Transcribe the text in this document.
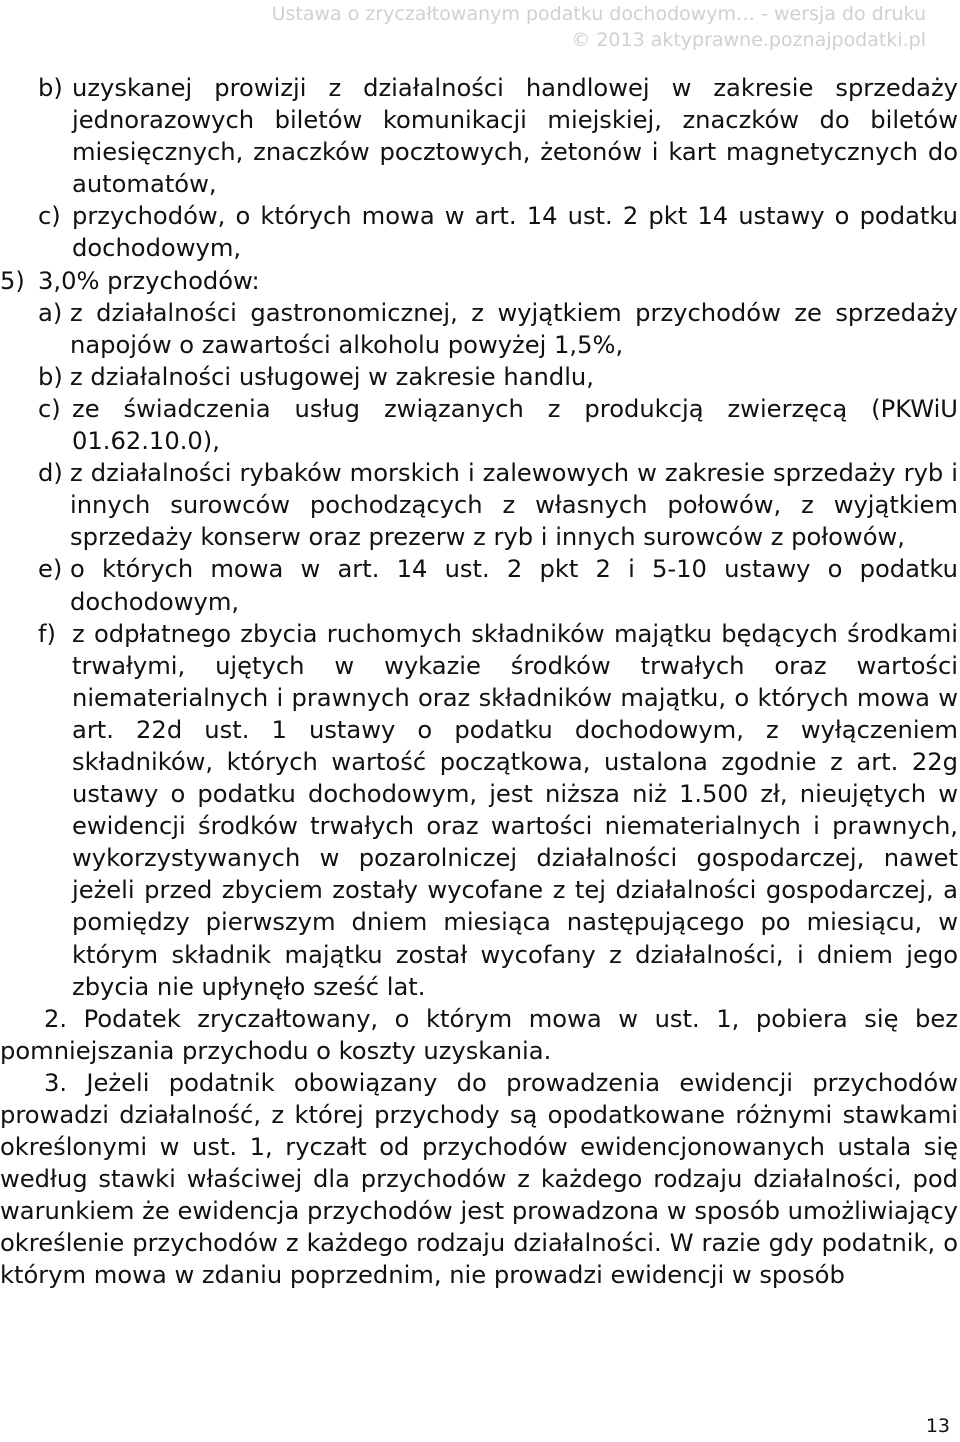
Ustawa o zryczałtowanym podatku dochodowym… - wersja do druku
© 2013 aktyprawne.poznajpodatki.pl
b) uzyskanej prowizji z działalności handlowej w zakresie sprzedaży jednorazowych biletów komunikacji miejskiej, znaczków do biletów miesięcznych, znaczków pocztowych, żetonów i kart magnetycznych do automatów,
c) przychodów, o których mowa w art. 14 ust. 2 pkt 14 ustawy o podatku dochodowym,
5) 3,0% przychodów:
a) z działalności gastronomicznej, z wyjątkiem przychodów ze sprzedaży napojów o zawartości alkoholu powyżej 1,5%,
b) z działalności usługowej w zakresie handlu,
c) ze świadczenia usług związanych z produkcją zwierzęcą (PKWiU 01.62.10.0),
d) z działalności rybaków morskich i zalewowych w zakresie sprzedaży ryb i innych surowców pochodzących z własnych połowów, z wyjątkiem sprzedaży konserw oraz prezerw z ryb i innych surowców z połowów,
e) o których mowa w art. 14 ust. 2 pkt 2 i 5-10 ustawy o podatku dochodowym,
f) z odpłatnego zbycia ruchomych składników majątku będących środkami trwałymi, ujętych w wykazie środków trwałych oraz wartości niematerialnych i prawnych oraz składników majątku, o których mowa w art. 22d ust. 1 ustawy o podatku dochodowym, z wyłączeniem składników, których wartość początkowa, ustalona zgodnie z art. 22g ustawy o podatku dochodowym, jest niższa niż 1.500 zł, nieujętych w ewidencji środków trwałych oraz wartości niematerialnych i prawnych, wykorzystywanych w pozarolniczej działalności gospodarczej, nawet jeżeli przed zbyciem zostały wycofane z tej działalności gospodarczej, a pomiędzy pierwszym dniem miesiąca następującego po miesiącu, w którym składnik majątku został wycofany z działalności, i dniem jego zbycia nie upłynęło sześć lat.

2. Podatek zryczałtowany, o którym mowa w ust. 1, pobiera się bez pomniejszania przychodu o koszty uzyskania.

3. Jeżeli podatnik obowiązany do prowadzenia ewidencji przychodów prowadzi działalność, z której przychody są opodatkowane różnymi stawkami określonymi w ust. 1, ryczałt od przychodów ewidencjonowanych ustala się według stawki właściwej dla przychodów z każdego rodzaju działalności, pod warunkiem że ewidencja przychodów jest prowadzona w sposób umożliwiający określenie przychodów z każdego rodzaju działalności. W razie gdy podatnik, o którym mowa w zdaniu poprzednim, nie prowadzi ewidencji w sposób

13
